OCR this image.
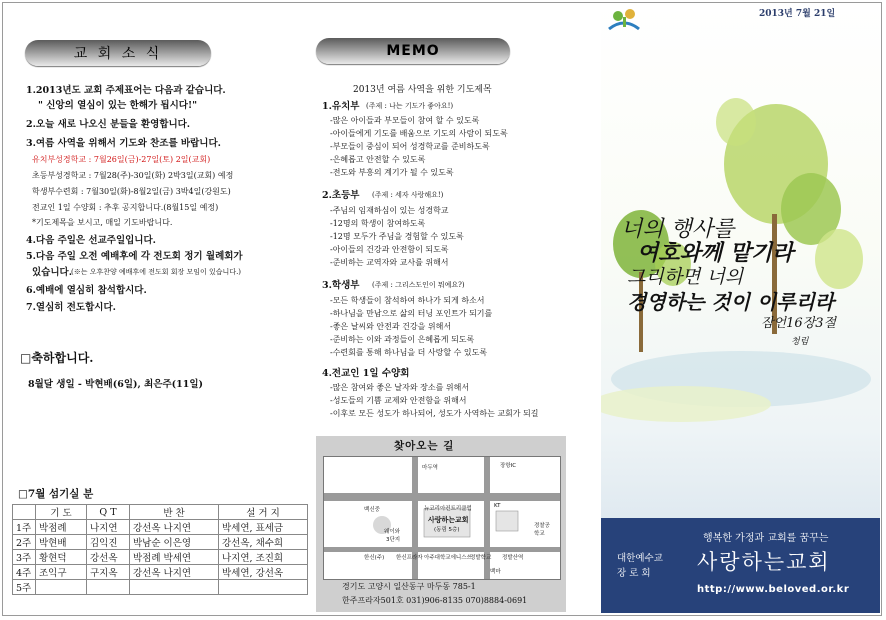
교 회 소 식
1.2013년도 교회 주제표어는 다음과 같습니다.
" 신앙의 열심이 있는 한해가 됩시다!"
2.오늘 새로 나오신 분들을 환영합니다.
3.여름 사역을 위해서 기도와 찬조를 바랍니다.
유치부성경학교 : 7월26일(금)-27일(토) 2일(교회)
초등부성경학교 : 7월28(주)-30일(화) 2박3일(교회) 예정
학생부수련회 : 7월30일(화)-8월2일(금) 3박4일(강원도)
전교인 1일 수양회 : 추후 공지합니다.(8월15일 예정)
*기도제목을 보시고, 매일 기도바랍니다.
4.다음 주일은 선교주일입니다.
5.다음 주일 오전 예배후에 각 전도회 정기 월례회가
있습니다.
(※는 오후찬양 예배후에 전도회 회장 모임이 있습니다.)
6.예배에 열심히 참석합시다.
7.열심히 전도합시다.
□축하합니다.
8월달 생일 - 박현배(6일), 최은주(11일)
□7월 섬기실 분
	기 도	Q T	반 찬	설 거 지
1주	박점례	나지연	강선옥 나지연	박세연, 표세금
2주	박현배	김익진	박남순 이은영	강선옥, 채수희
3주	황현덕	강선옥	박점례 박세연	나지연, 조진희
4주	조익구	구지옥	강선옥 나지연	박세연, 강선옥
5주				
MEMO
2013년 여름 사역을 위한 기도제목
1.유치부 (주제 : 나는 기도가 좋아요!)
-많은 아이들과 부모들이 참여 할 수 있도록
-아이들에게 기도를 배움으로 기도의 사람이 되도록
-부모들이 중심이 되어 성경학교를 준비하도록
-은혜롭고 안전할 수 있도록
-전도와 부흥의 계기가 될 수 있도록
2.초등부 (주제 : 세자 사랑해요!)
-주님의 임재하심이 있는 성경학교
-12명의 학생이 참여하도록
-12명 모두가 주님을 경험할 수 있도록
-아이들의 건강과 안전함이 되도록
-준비하는 교역자와 교사를 위해서
3.학생부 (주제 : 그리스도인이 뭐예요?)
-모든 학생들이 참석하여 하나가 되게 하소서
-하나님을 만남으로 삶의 터닝 포인트가 되기를
-좋은 날씨와 안전과 건강을 위해서
-준비하는 이와 과정들이 은혜롭게 되도록
-수련회를 통해 하나님을 더 사랑할 수 있도록
4.전교인 1일 수양회
-많은 참여와 좋은 날자와 장소를 위해서
-성도들의 기쁨 교제와 안전함을 위해서
-이후로 모든 성도가 하나되어, 성도가 사역하는 교회가 되길
찾아오는 길
마두역	장항IC
백신중	뉴코리아컨트리클럽	KT
웨이와
3단지
사랑하는교회
(동림 5층)
경찰공학교
한신(주) 한신프라자 아주대학교에니스쓰
정발학교 정발산역
백마
경기도 고양시 일산동구 마두동 785-1
한주프라자501호 031)906-8135 070)8884-0691
2013년 7월 21일
너의 행사를
여호와께 맡기라
그리하면 너의
경영하는 것이 이루리라
잠언16장3절
청림
행복한 가정과 교회를 꿈꾸는
대한예수교
장 로 회 사랑하는교회
http://www.beloved.or.kr
